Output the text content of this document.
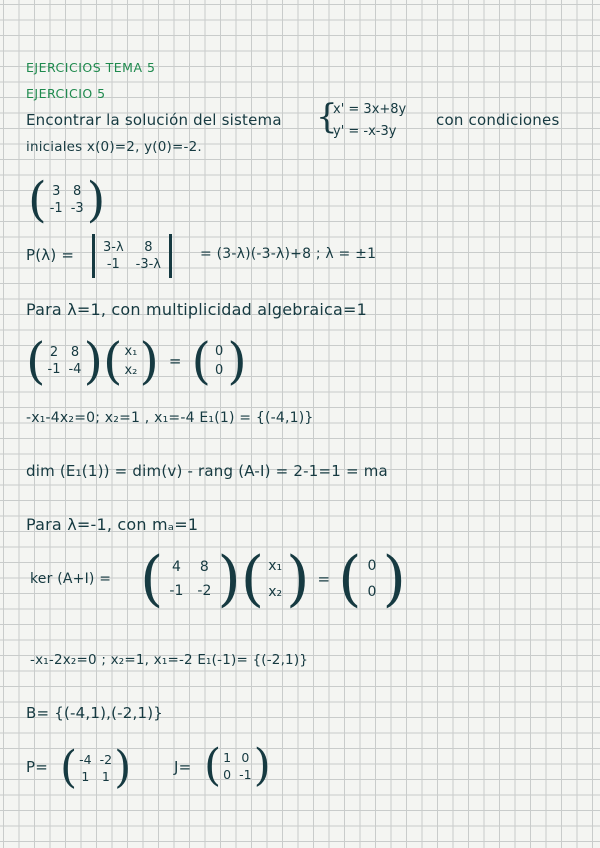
EJERCICIOS TEMA 5
EJERCICIO 5
Encontrar la solución del sistema {
x' = 3x+8y
y' = -x-3y
con condiciones
iniciales x(0)=2, y(0)=-2.
( 3 8
-1 -3 )
P(λ) = 3-λ	8
-1 -3-λ
= (3-λ)(-3-λ)+8 ; λ = ±1
Para λ=1, con multiplicidad algebraica=1
( 2 8
-1 -4 ) ( x₁
x₂ ) = ( 0
0 )
-x₁-4x₂=0; x₂=1 , x₁=-4 E₁(1) = {(-4,1)}
dim (E₁(1)) = dim(v) - rang (A-I) = 2-1=1 = ma
Para λ=-1, con mₐ=1
ker (A+I) = ( 4 8
-1 -2 ) ( x₁
x₂ ) = ( 0
0 )
-x₁-2x₂=0 ; x₂=1, x₁=-2 E₁(-1)= {(-2,1)}
B= {(-4,1),(-2,1)}
P= ( -4 -2
1 1 )	J= ( 1 0
0 -1 )
